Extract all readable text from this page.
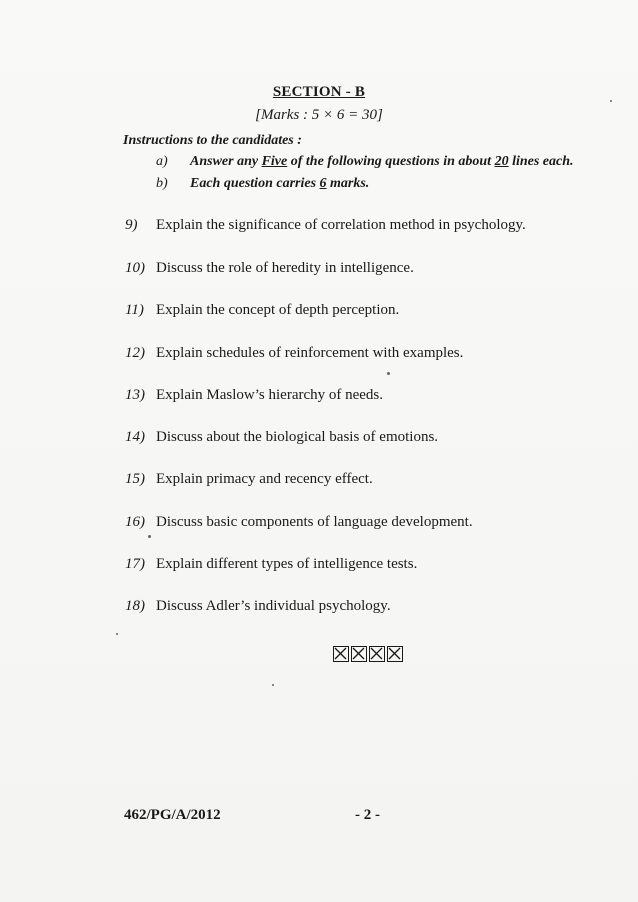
SECTION - B
[Marks : 5 × 6 = 30]
Instructions to the candidates :
a) Answer any Five of the following questions in about 20 lines each.
b) Each question carries 6 marks.
9) Explain the significance of correlation method in psychology.
10) Discuss the role of heredity in intelligence.
11) Explain the concept of depth perception.
12) Explain schedules of reinforcement with examples.
13) Explain Maslow’s hierarchy of needs.
14) Discuss about the biological basis of emotions.
15) Explain primacy and recency effect.
16) Discuss basic components of language development.
17) Explain different types of intelligence tests.
18) Discuss Adler’s individual psychology.
462/PG/A/2012	- 2 -
